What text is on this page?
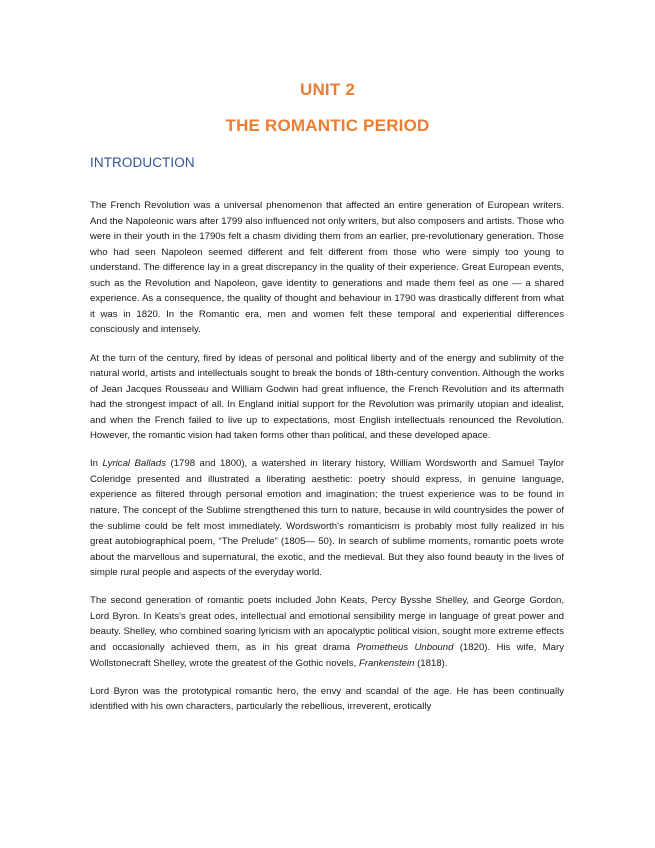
UNIT 2
THE ROMANTIC PERIOD
INTRODUCTION

The French Revolution was a universal phenomenon that affected an entire generation of European writers. And the Napoleonic wars after 1799 also influenced not only writers, but also composers and artists. Those who were in their youth in the 1790s felt a chasm dividing them from an earlier, pre-revolutionary generation. Those who had seen Napoleon seemed different and felt different from those who were simply too young to understand. The difference lay in a great discrepancy in the quality of their experience. Great European events, such as the Revolution and Napoleon, gave identity to generations and made them feel as one — a shared experience. As a consequence, the quality of thought and behaviour in 1790 was drastically different from what it was in 1820. In the Romantic era, men and women felt these temporal and experiential differences consciously and intensely.

At the turn of the century, fired by ideas of personal and political liberty and of the energy and sublimity of the natural world, artists and intellectuals sought to break the bonds of 18th-century convention. Although the works of Jean Jacques Rousseau and William Godwin had great influence, the French Revolution and its aftermath had the strongest impact of all. In England initial support for the Revolution was primarily utopian and idealist, and when the French failed to live up to expectations, most English intellectuals renounced the Revolution. However, the romantic vision had taken forms other than political, and these developed apace.

In Lyrical Ballads (1798 and 1800), a watershed in literary history, William Wordsworth and Samuel Taylor Coleridge presented and illustrated a liberating aesthetic: poetry should express, in genuine language, experience as filtered through personal emotion and imagination; the truest experience was to be found in nature. The concept of the Sublime strengthened this turn to nature, because in wild countrysides the power of the sublime could be felt most immediately. Wordsworth's romanticism is probably most fully realized in his great autobiographical poem, “The Prelude” (1805— 50). In search of sublime moments, romantic poets wrote about the marvellous and supernatural, the exotic, and the medieval. But they also found beauty in the lives of simple rural people and aspects of the everyday world.

The second generation of romantic poets included John Keats, Percy Bysshe Shelley, and George Gordon, Lord Byron. In Keats's great odes, intellectual and emotional sensibility merge in language of great power and beauty. Shelley, who combined soaring lyricism with an apocalyptic political vision, sought more extreme effects and occasionally achieved them, as in his great drama Prometheus Unbound (1820). His wife, Mary Wollstonecraft Shelley, wrote the greatest of the Gothic novels, Frankenstein (1818).

Lord Byron was the prototypical romantic hero, the envy and scandal of the age. He has been continually identified with his own characters, particularly the rebellious, irreverent, erotically
